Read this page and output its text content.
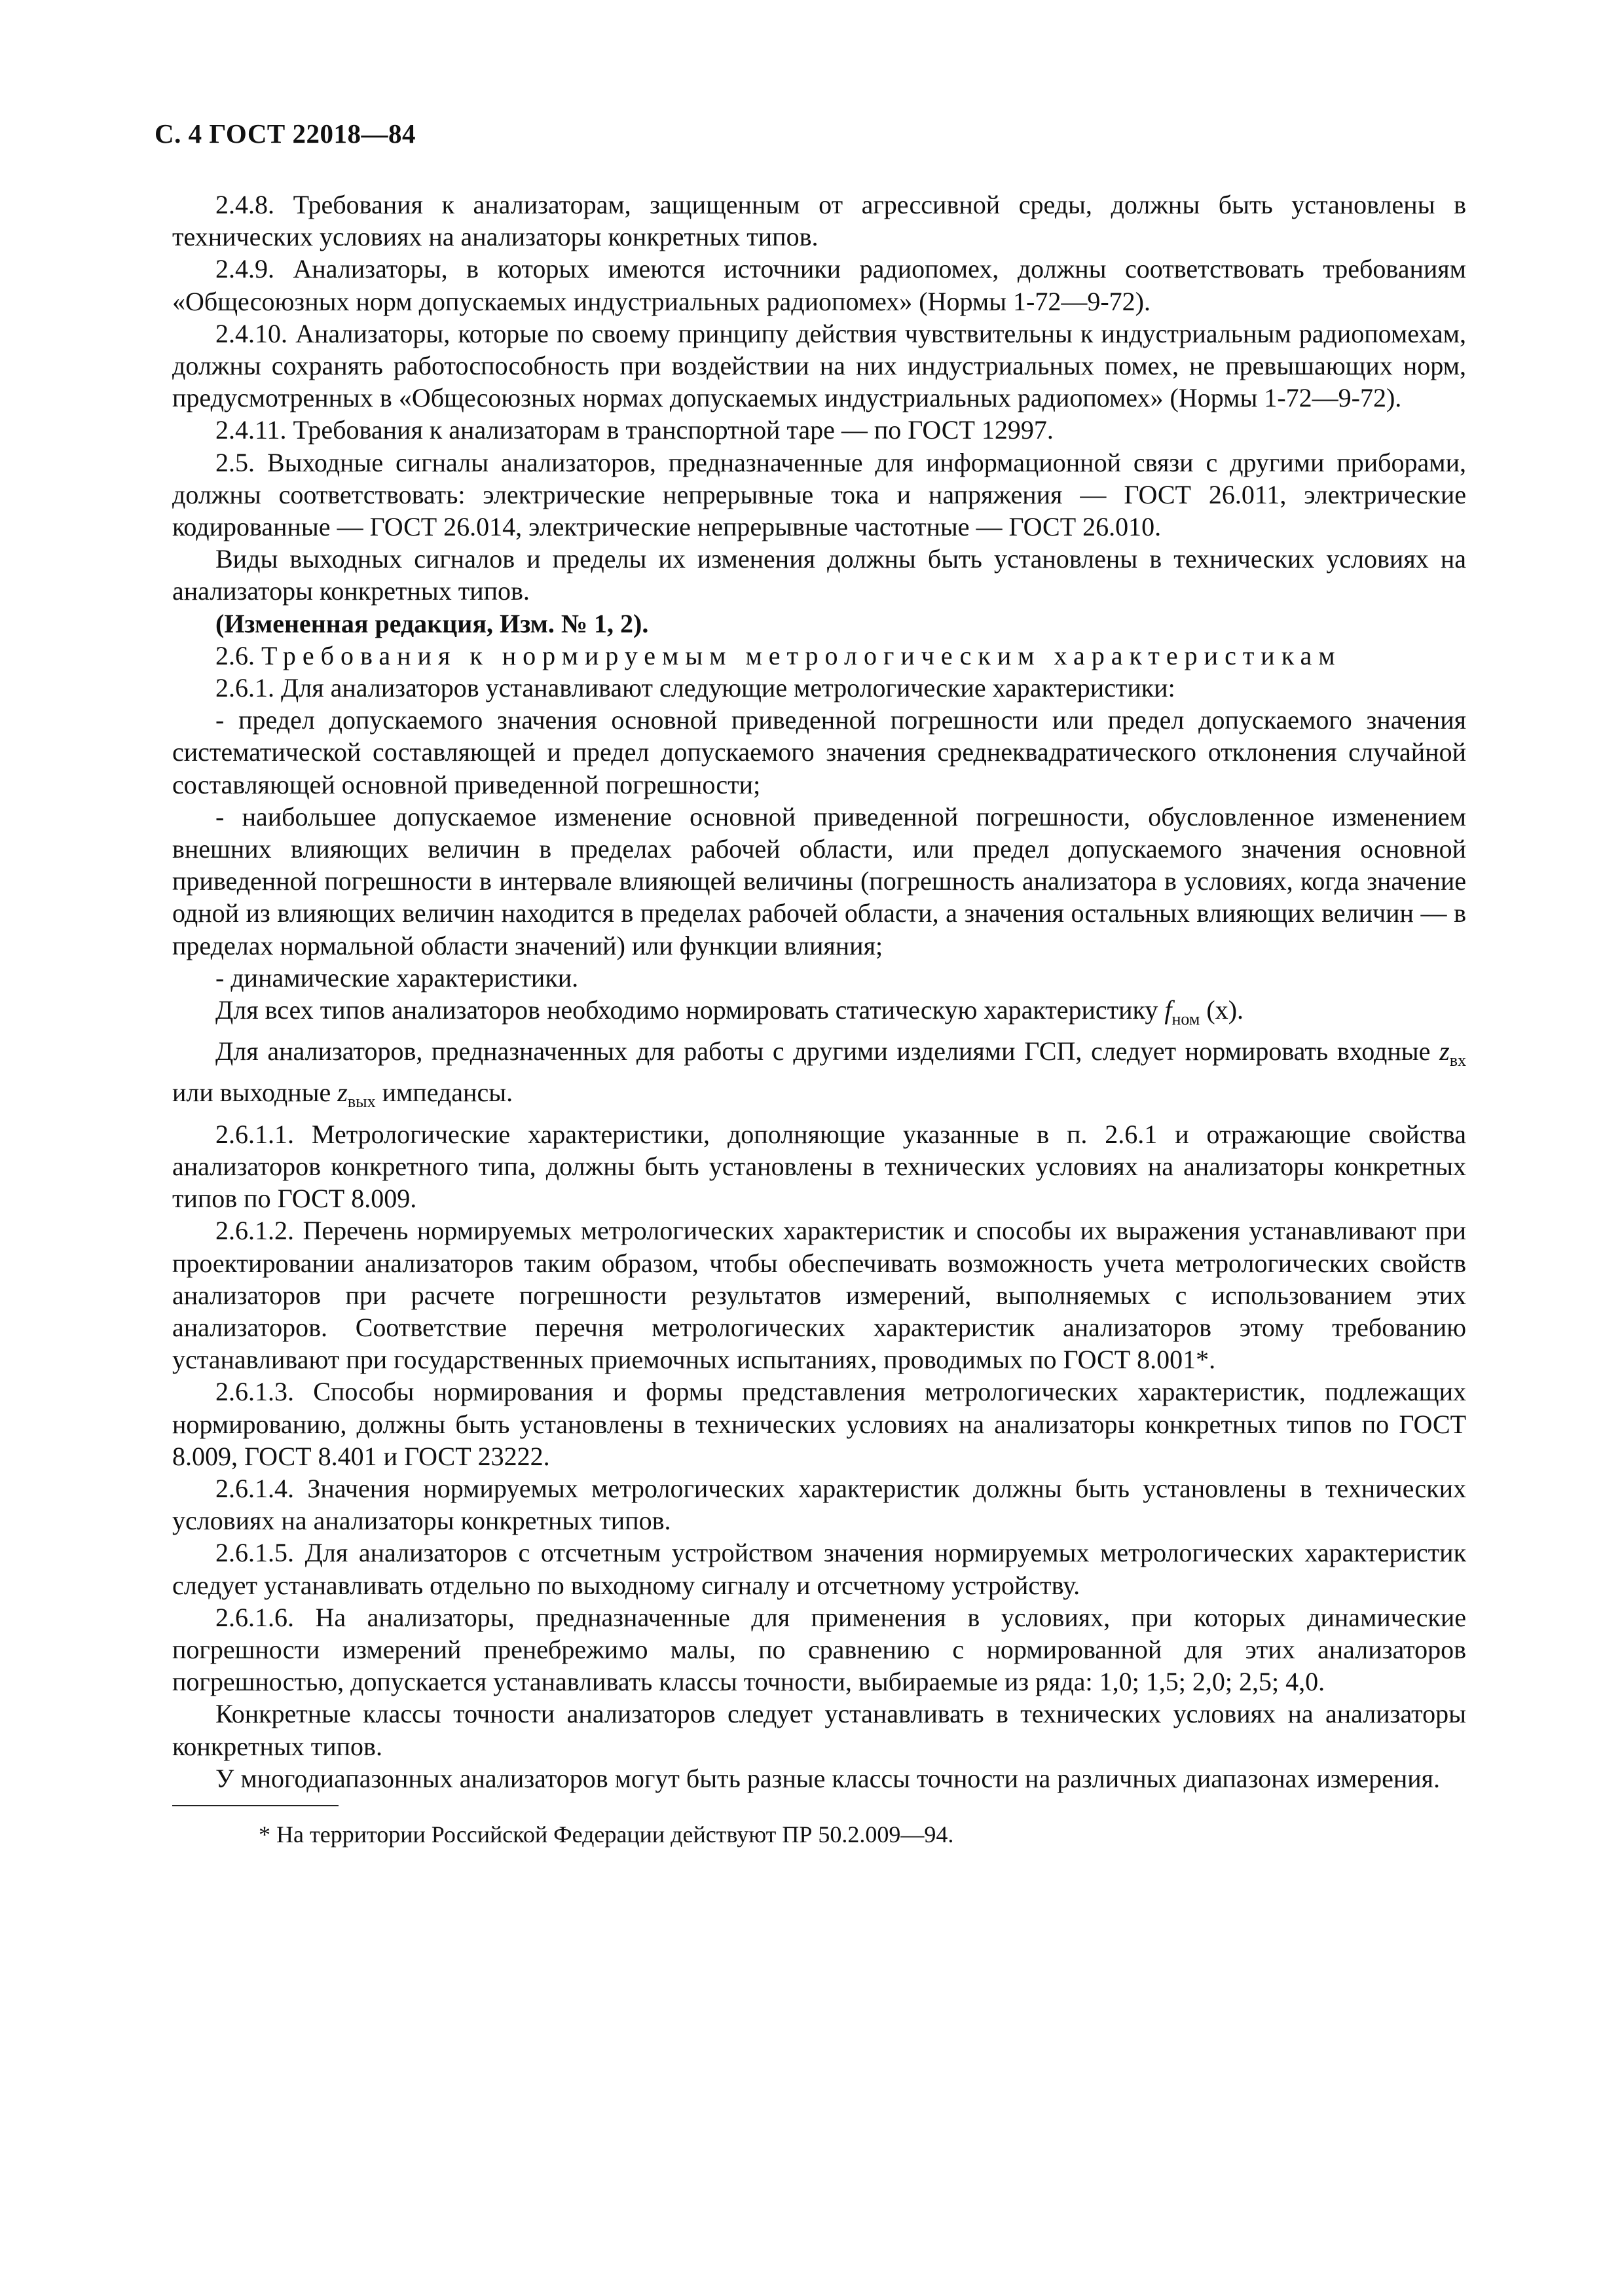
С. 4 ГОСТ 22018—84

2.4.8. Требования к анализаторам, защищенным от агрессивной среды, должны быть установлены в технических условиях на анализаторы конкретных типов.

2.4.9. Анализаторы, в которых имеются источники радиопомех, должны соответствовать требованиям «Общесоюзных норм допускаемых индустриальных радиопомех» (Нормы 1-72—9-72).

2.4.10. Анализаторы, которые по своему принципу действия чувствительны к индустриальным радиопомехам, должны сохранять работоспособность при воздействии на них индустриальных помех, не превышающих норм, предусмотренных в «Общесоюзных нормах допускаемых индустриальных радиопомех» (Нормы 1-72—9-72).

2.4.11. Требования к анализаторам в транспортной таре — по ГОСТ 12997.

2.5. Выходные сигналы анализаторов, предназначенные для информационной связи с другими приборами, должны соответствовать: электрические непрерывные тока и напряжения — ГОСТ 26.011, электрические кодированные — ГОСТ 26.014, электрические непрерывные частотные — ГОСТ 26.010.

Виды выходных сигналов и пределы их изменения должны быть установлены в технических условиях на анализаторы конкретных типов.

(Измененная редакция, Изм. № 1, 2).

2.6. Требования к нормируемым метрологическим характеристикам

2.6.1. Для анализаторов устанавливают следующие метрологические характеристики:

- предел допускаемого значения основной приведенной погрешности или предел допускаемого значения систематической составляющей и предел допускаемого значения среднеквадратического отклонения случайной составляющей основной приведенной погрешности;

- наибольшее допускаемое изменение основной приведенной погрешности, обусловленное изменением внешних влияющих величин в пределах рабочей области, или предел допускаемого значения основной приведенной погрешности в интервале влияющей величины (погрешность анализатора в условиях, когда значение одной из влияющих величин находится в пределах рабочей области, а значения остальных влияющих величин — в пределах нормальной области значений) или функции влияния;

- динамические характеристики.

Для всех типов анализаторов необходимо нормировать статическую характеристику $f_{ном}$ (x).

Для анализаторов, предназначенных для работы с другими изделиями ГСП, следует нормировать входные $z_{вх}$ или выходные $z_{вых}$ импедансы.

2.6.1.1. Метрологические характеристики, дополняющие указанные в п. 2.6.1 и отражающие свойства анализаторов конкретного типа, должны быть установлены в технических условиях на анализаторы конкретных типов по ГОСТ 8.009.

2.6.1.2. Перечень нормируемых метрологических характеристик и способы их выражения устанавливают при проектировании анализаторов таким образом, чтобы обеспечивать возможность учета метрологических свойств анализаторов при расчете погрешности результатов измерений, выполняемых с использованием этих анализаторов. Соответствие перечня метрологических характеристик анализаторов этому требованию устанавливают при государственных приемочных испытаниях, проводимых по ГОСТ 8.001*.

2.6.1.3. Способы нормирования и формы представления метрологических характеристик, подлежащих нормированию, должны быть установлены в технических условиях на анализаторы конкретных типов по ГОСТ 8.009, ГОСТ 8.401 и ГОСТ 23222.

2.6.1.4. Значения нормируемых метрологических характеристик должны быть установлены в технических условиях на анализаторы конкретных типов.

2.6.1.5. Для анализаторов с отсчетным устройством значения нормируемых метрологических характеристик следует устанавливать отдельно по выходному сигналу и отсчетному устройству.

2.6.1.6. На анализаторы, предназначенные для применения в условиях, при которых динамические погрешности измерений пренебрежимо малы, по сравнению с нормированной для этих анализаторов погрешностью, допускается устанавливать классы точности, выбираемые из ряда: 1,0; 1,5; 2,0; 2,5; 4,0.

Конкретные классы точности анализаторов следует устанавливать в технических условиях на анализаторы конкретных типов.

У многодиапазонных анализаторов могут быть разные классы точности на различных диапазонах измерения.

* На территории Российской Федерации действуют ПР 50.2.009—94.
